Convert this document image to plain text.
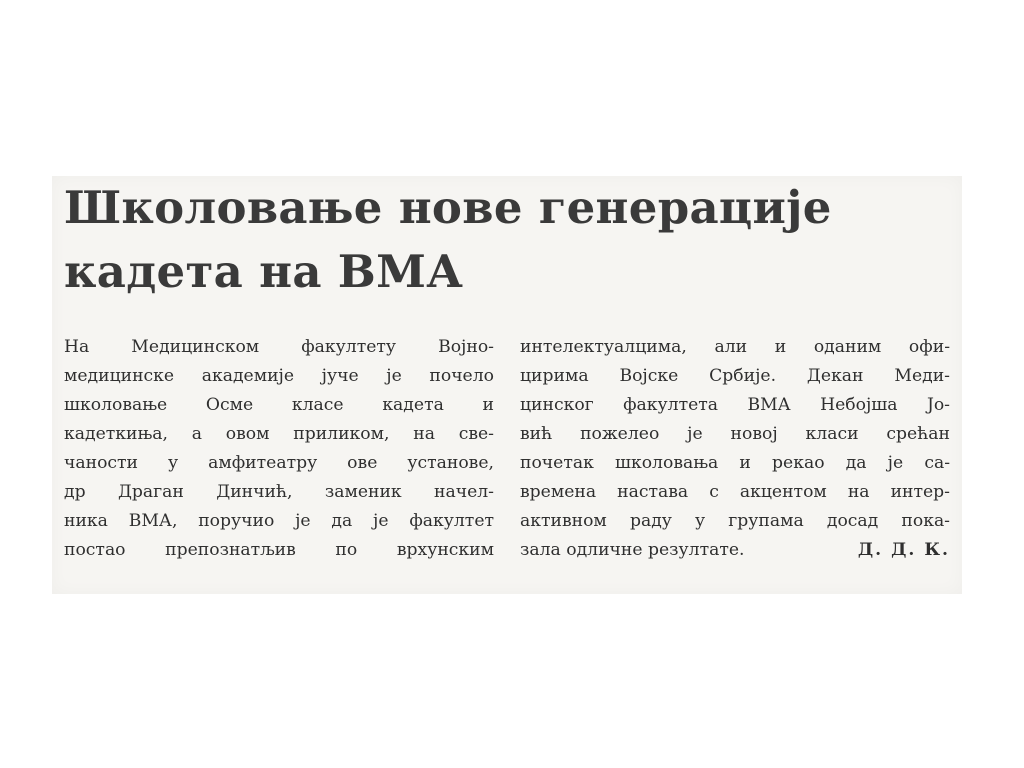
Школовање нове генерације
кадета на ВМА
На Медицинском факултету Војно-
медицинске академије јуче је почело
школовање Осме класе кадета и
кадеткиња, а овом приликом, на све-
чаности у амфитеатру ове установе,
др Драган Динчић, заменик начел-
ника ВМА, поручио је да је факултет
постао препознатљив по врхунским
интелектуалцима, али и оданим офи-
цирима Војске Србије. Декан Меди-
цинског факултета ВМА Небојша Јо-
вић пожелео је новој класи срећан
почетак школовања и рекао да је са-
времена настава с акцентом на интер-
активном раду у групама досад пока-
зала одличне резултате.	Д. Д. К.
